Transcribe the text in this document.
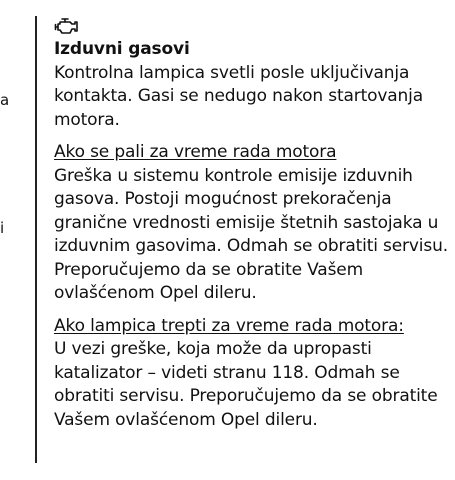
a
i

Izduvni gasovi

Kontrolna lampica svetli posle uključivanja kontakta. Gasi se nedugo nakon startovanja motora.

Ako se pali za vreme rada motora

Greška u sistemu kontrole emisije izduvnih gasova. Postoji mogućnost prekoračenja granične vrednosti emisije štetnih sastojaka u izduvnim gasovima. Odmah se obratiti servisu. Preporučujemo da se obratite Vašem ovlašćenom Opel dileru.

Ako lampica trepti za vreme rada motora:

U vezi greške, koja može da upropasti katalizator – videti stranu 118. Odmah se obratiti servisu. Preporučujemo da se obratite Vašem ovlašćenom Opel dileru.
